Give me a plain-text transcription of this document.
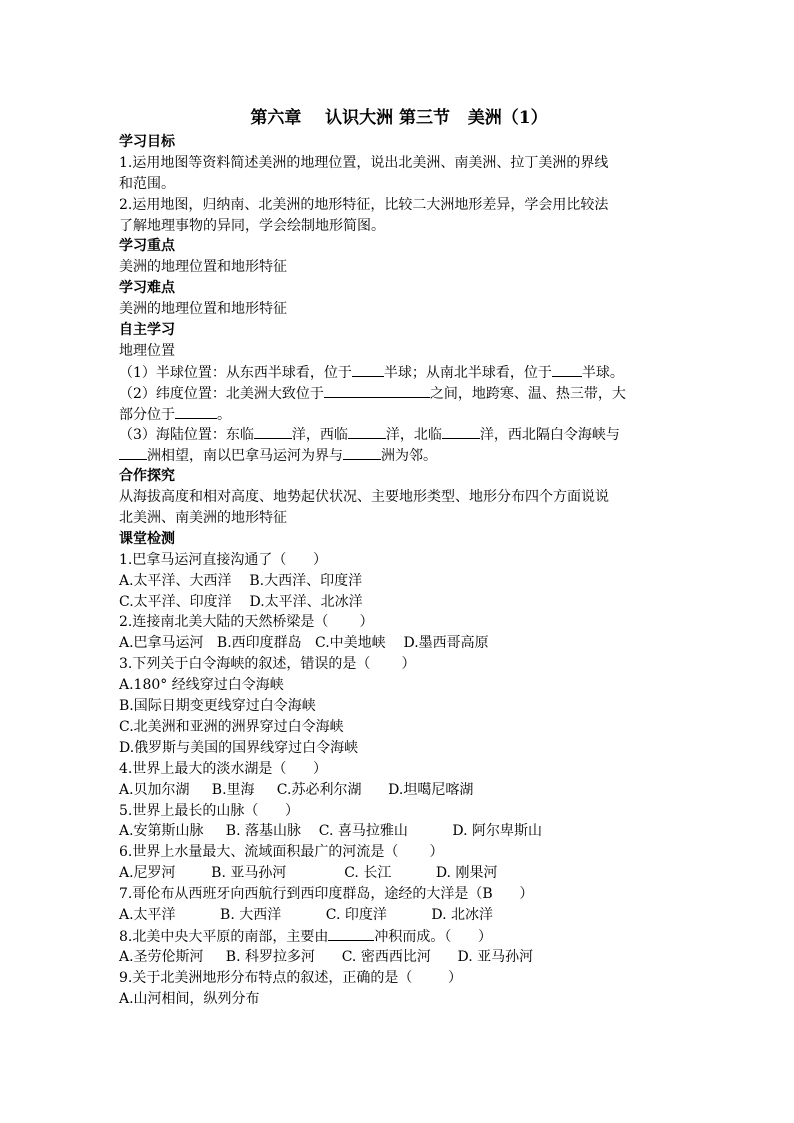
第六章    认识大洲 第三节   美洲（1）
学习目标
1.运用地图等资料简述美洲的地理位置，说出北美洲、南美洲、拉丁美洲的界线
和范围。
2.运用地图，归纳南、北美洲的地形特征，比较二大洲地形差异，学会用比较法
了解地理事物的异同，学会绘制地形简图。
学习重点
美洲的地理位置和地形特征
学习难点
美洲的地理位置和地形特征
自主学习
地理位置
（1）半球位置：从东西半球看，位于 半球；从南北半球看，位于 半球。
（2）纬度位置：北美洲大致位于	之间，地跨寒、温、热三带，大
部分位于	。
（3）海陆位置：东临	洋，西临	洋，北临	洋，西北隔白令海峡与
洲相望，南以巴拿马运河为界与	洲为邻。
合作探究
从海拔高度和相对高度、地势起伏状况、主要地形类型、地形分布四个方面说说
北美洲、南美洲的地形特征
课堂检测
1.巴拿马运河直接沟通了（      ）
A.太平洋、大西洋    B.大西洋、印度洋
C.太平洋、印度洋    D.太平洋、北冰洋
2.连接南北美大陆的天然桥梁是（       ）
A.巴拿马运河   B.西印度群岛   C.中美地峡    D.墨西哥高原
3.下列关于白令海峡的叙述，错误的是（       ）
A.180° 经线穿过白令海峡
B.国际日期变更线穿过白令海峡
C.北美洲和亚洲的洲界穿过白令海峡
D.俄罗斯与美国的国界线穿过白令海峡
4.世界上最大的淡水湖是（      ）
A.贝加尔湖     B.里海     C.苏必利尔湖      D.坦噶尼喀湖
5.世界上最长的山脉（      ）
A.安第斯山脉     B. 落基山脉    C. 喜马拉雅山          D. 阿尔卑斯山
6.世界上水量最大、流域面积最广的河流是（       ）
A.尼罗河        B. 亚马孙河             C. 长江          D. 刚果河
7.哥伦布从西班牙向西航行到西印度群岛，途经的大洋是（B      ）
A.太平洋          B. 大西洋          C. 印度洋          D. 北冰洋
8.北美中央大平原的南部，主要由	冲积而成。（      ）
A.圣劳伦斯河     B. 科罗拉多河      C. 密西西比河      D. 亚马孙河
9.关于北美洲地形分布特点的叙述，正确的是（        ）
A.山河相间，纵列分布
